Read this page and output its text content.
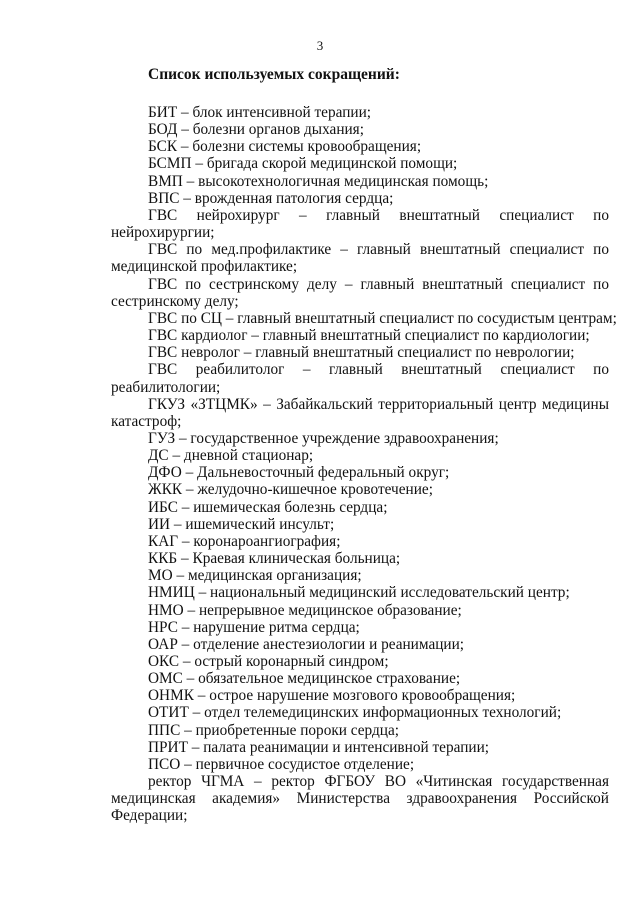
3
Список используемых сокращений:

БИТ – блок интенсивной терапии;

БОД – болезни органов дыхания;

БСК – болезни системы кровообращения;

БСМП – бригада скорой медицинской помощи;

ВМП – высокотехнологичная медицинская помощь;

ВПС – врожденная патология сердца;

ГВС нейрохирург – главный внештатный специалист по нейрохирургии;

ГВС по мед.профилактике – главный внештатный специалист по медицинской профилактике;

ГВС по сестринскому делу – главный внештатный специалист по сестринскому делу;

ГВС по СЦ – главный внештатный специалист по сосудистым центрам;

ГВС кардиолог – главный внештатный специалист по кардиологии;

ГВС невролог – главный внештатный специалист по неврологии;

ГВС реабилитолог – главный внештатный специалист по реабилитологии;

ГКУЗ «ЗТЦМК» – Забайкальский территориальный центр медицины катастроф;

ГУЗ – государственное учреждение здравоохранения;

ДС – дневной стационар;

ДФО – Дальневосточный федеральный округ;

ЖКК – желудочно-кишечное кровотечение;

ИБС – ишемическая болезнь сердца;

ИИ – ишемический инсульт;

КАГ – коронароангиография;

ККБ – Краевая клиническая больница;

МО – медицинская организация;

НМИЦ – национальный медицинский исследовательский центр;

НМО – непрерывное медицинское образование;

НРС – нарушение ритма сердца;

ОАР – отделение анестезиологии и реанимации;

ОКС – острый коронарный синдром;

ОМС – обязательное медицинское страхование;

ОНМК – острое нарушение мозгового кровообращения;

ОТИТ – отдел телемедицинских информационных технологий;

ППС – приобретенные пороки сердца;

ПРИТ – палата реанимации и интенсивной терапии;

ПСО – первичное сосудистое отделение;

ректор ЧГМА – ректор ФГБОУ ВО «Читинская государственная медицинская академия» Министерства здравоохранения Российской Федерации;
